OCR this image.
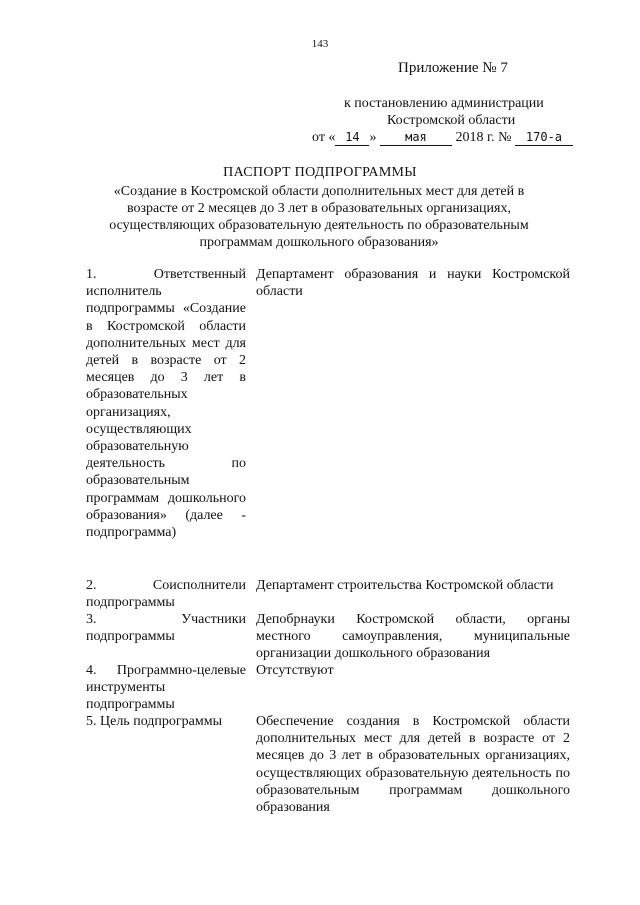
143
Приложение № 7
к постановлению администрации
Костромской области
от « 14 » мая 2018 г. № 170-а
ПАСПОРТ ПОДПРОГРАММЫ
«Создание в Костромской области дополнительных мест для детей в возрасте от 2 месяцев до 3 лет в образовательных организациях, осуществляющих образовательную деятельность по образовательным программам дошкольного образования»
1. Ответственный исполнитель подпрограммы «Создание в Костромской области дополнительных мест для детей в возрасте от 2 месяцев до 3 лет в образовательных организациях, осуществляющих образовательную деятельность по образовательным программам дошкольного образования» (далее - подпрограмма)
Департамент образования и науки Костромской области
2. Соисполнители подпрограммы
Департамент строительства Костромской области
3. Участники подпрограммы
Депобрнауки Костромской области, органы местного самоуправления, муниципальные организации дошкольного образования
4. Программно-целевые инструменты подпрограммы
Отсутствуют
5. Цель подпрограммы	Обеспечение создания в Костромской области дополнительных мест для детей в возрасте от 2 месяцев до 3 лет в образовательных организациях, осуществляющих образовательную деятельность по образовательным программам дошкольного образования
